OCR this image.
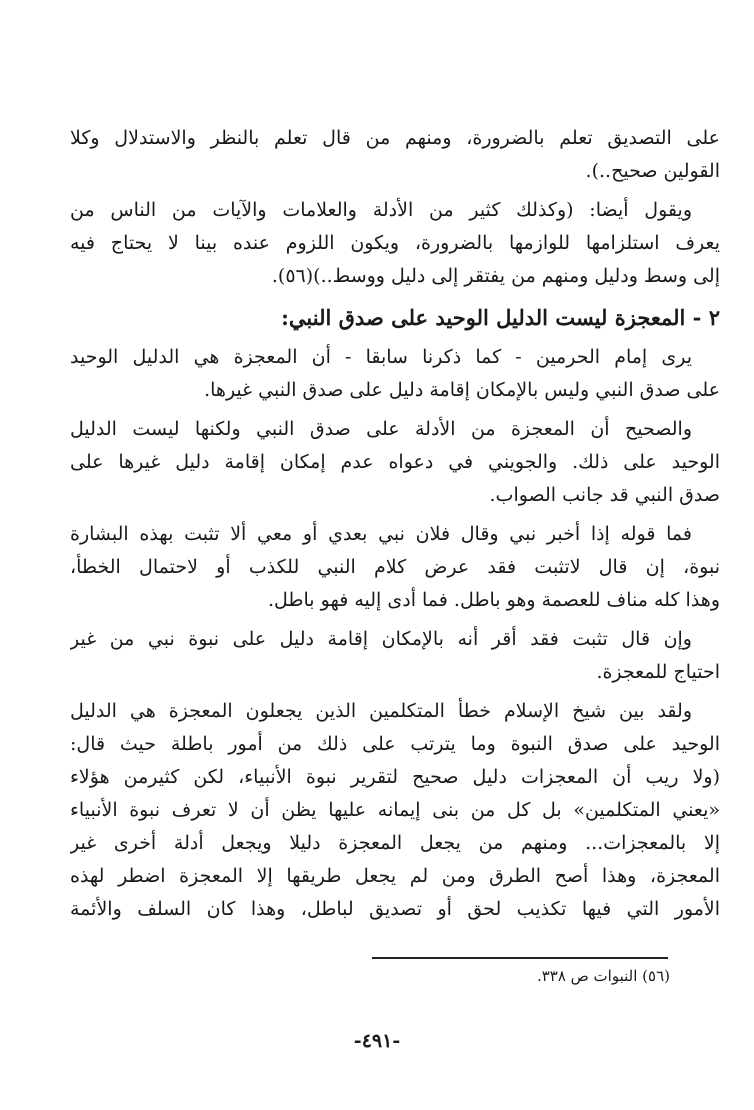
على التصديق تعلم بالضرورة، ومنهم من قال تعلم بالنظر والاستدلال وكلا

القولين صحيح..).

ويقول أيضا: (وكذلك كثير من الأدلة والعلامات والآيات من الناس من

يعرف استلزامها للوازمها بالضرورة، ويكون اللزوم عنده بينا لا يحتاج فيه

إلى وسط ودليل ومنهم من يفتقر إلى دليل ووسط..)(٥٦).

٢ - المعجزة ليست الدليل الوحيد على صدق النبي:

يرى إمام الحرمين - كما ذكرنا سابقا - أن المعجزة هي الدليل الوحيد

على صدق النبي وليس بالإمكان إقامة دليل على صدق النبي غيرها.

والصحيح أن المعجزة من الأدلة على صدق النبي ولكنها ليست الدليل

الوحيد على ذلك. والجويني في دعواه عدم إمكان إقامة دليل غيرها على

صدق النبي قد جانب الصواب.

فما قوله إذا أخبر نبي وقال فلان نبي بعدي أو معي ألا تثبت بهذه البشارة

نبوة، إن قال لاتثبت فقد عرض كلام النبي للكذب أو لاحتمال الخطأ،

وهذا كله مناف للعصمة وهو باطل. فما أدى إليه فهو باطل.

وإن قال تثبت فقد أقر أنه بالإمكان إقامة دليل على نبوة نبي من غير

احتياج للمعجزة.

ولقد بين شيخ الإسلام خطأ المتكلمين الذين يجعلون المعجزة هي الدليل

الوحيد على صدق النبوة وما يترتب على ذلك من أمور باطلة حيث قال:

(ولا ريب أن المعجزات دليل صحيح لتقرير نبوة الأنبياء، لكن كثيرمن هؤلاء

«يعني المتكلمين» بل كل من بنى إيمانه عليها يظن أن لا تعرف نبوة الأنبياء

إلا بالمعجزات... ومنهم من يجعل المعجزة دليلا ويجعل أدلة أخرى غير

المعجزة، وهذا أصح الطرق ومن لم يجعل طريقها إلا المعجزة اضطر لهذه

الأمور التي فيها تكذيب لحق أو تصديق لباطل، وهذا كان السلف والأئمة

(٥٦) النبوات ص ٣٣٨.
-٤٩١-
